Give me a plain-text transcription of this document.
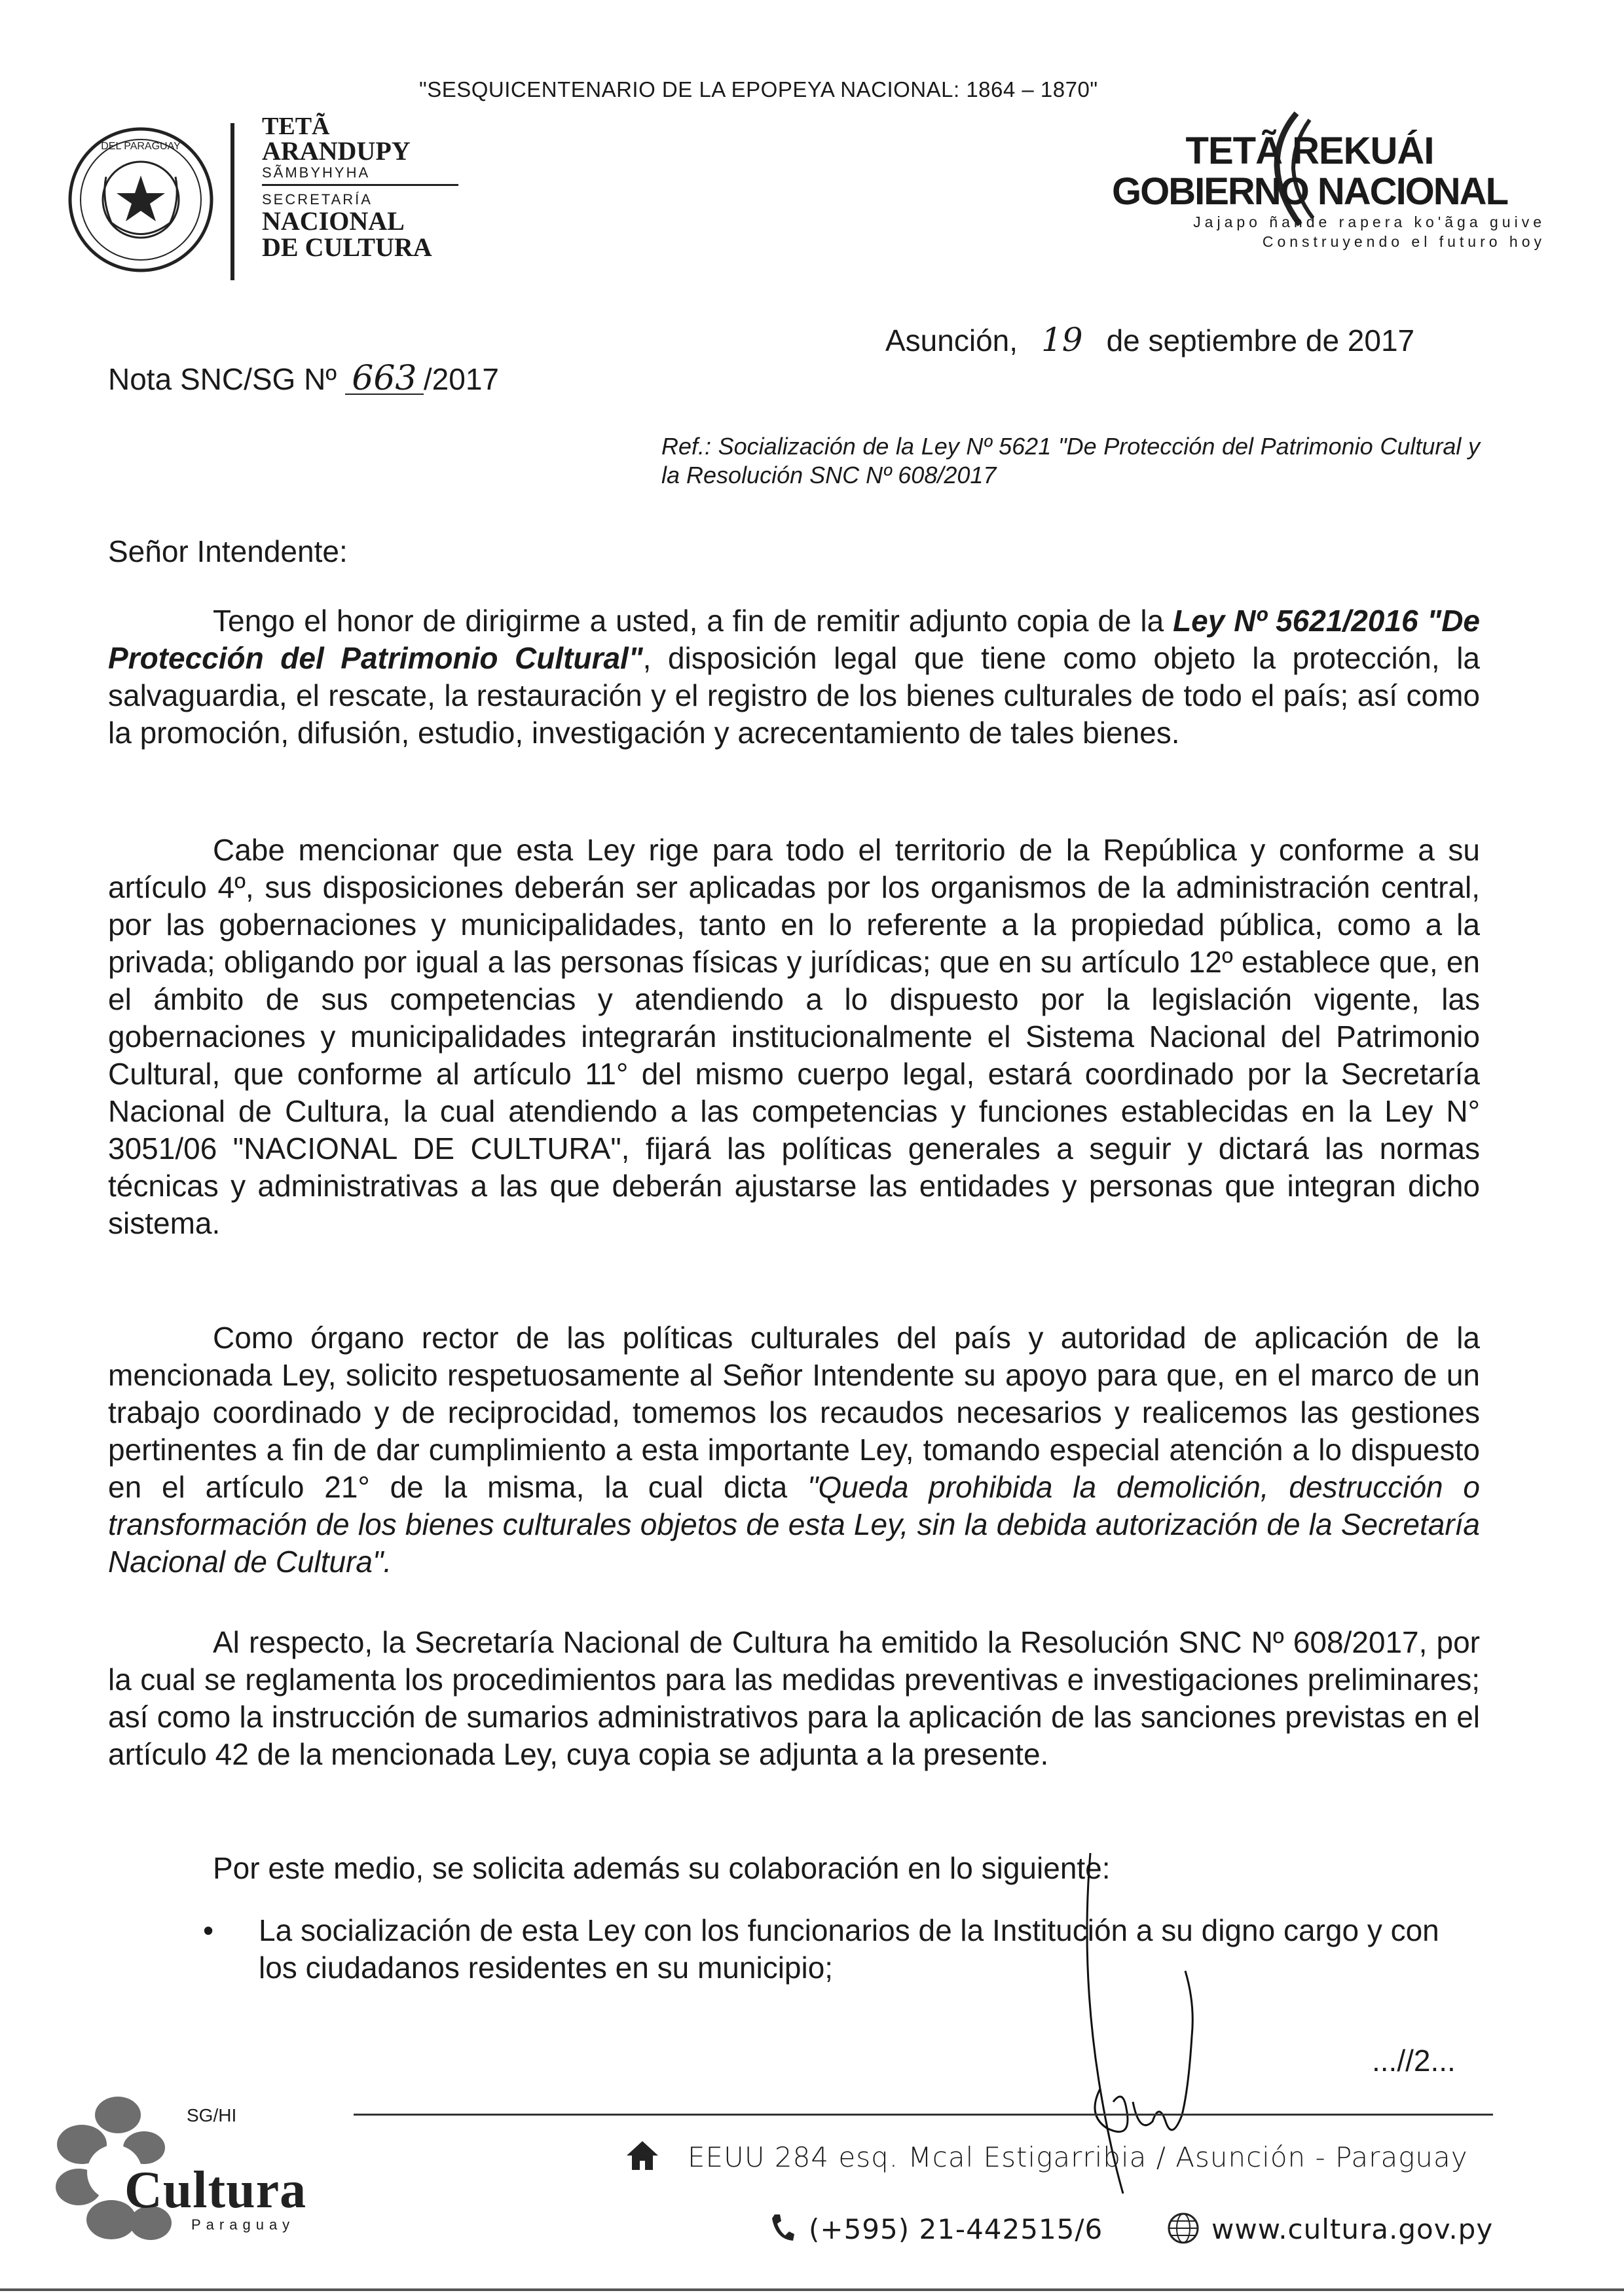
"SESQUICENTENARIO DE LA EPOPEYA NACIONAL: 1864 – 1870"
DEL PARAGUAY
TETÃ
ARANDUPY
SÃMBYHYHA
SECRETARÍA
NACIONAL
DE CULTURA
TETÃ REKUÁI
GOBIERNO NACIONAL
Jajapo ñande rapera ko'ãga guive
Construyendo el futuro hoy
Asunción, 19 de septiembre de 2017
Nota SNC/SG Nº 663 /2017
Ref.: Socialización de la Ley Nº 5621 "De Protección del Patrimonio Cultural y la Resolución SNC Nº 608/2017
Señor Intendente:
Tengo el honor de dirigirme a usted, a fin de remitir adjunto copia de la Ley Nº 5621/2016 "De Protección del Patrimonio Cultural", disposición legal que tiene como objeto la protección, la salvaguardia, el rescate, la restauración y el registro de los bienes culturales de todo el país; así como la promoción, difusión, estudio, investigación y acrecentamiento de tales bienes.
Cabe mencionar que esta Ley rige para todo el territorio de la República y conforme a su artículo 4º, sus disposiciones deberán ser aplicadas por los organismos de la administración central, por las gobernaciones y municipalidades, tanto en lo referente a la propiedad pública, como a la privada; obligando por igual a las personas físicas y jurídicas; que en su artículo 12º establece que, en el ámbito de sus competencias y atendiendo a lo dispuesto por la legislación vigente, las gobernaciones y municipalidades integrarán institucionalmente el Sistema Nacional del Patrimonio Cultural, que conforme al artículo 11° del mismo cuerpo legal, estará coordinado por la Secretaría Nacional de Cultura, la cual atendiendo a las competencias y funciones establecidas en la Ley N° 3051/06 "NACIONAL DE CULTURA", fijará las políticas generales a seguir y dictará las normas técnicas y administrativas a las que deberán ajustarse las entidades y personas que integran dicho sistema.
Como órgano rector de las políticas culturales del país y autoridad de aplicación de la mencionada Ley, solicito respetuosamente al Señor Intendente su apoyo para que, en el marco de un trabajo coordinado y de reciprocidad, tomemos los recaudos necesarios y realicemos las gestiones pertinentes a fin de dar cumplimiento a esta importante Ley, tomando especial atención a lo dispuesto en el artículo 21° de la misma, la cual dicta "Queda prohibida la demolición, destrucción o transformación de los bienes culturales objetos de esta Ley, sin la debida autorización de la Secretaría Nacional de Cultura".
Al respecto, la Secretaría Nacional de Cultura ha emitido la Resolución SNC Nº 608/2017, por la cual se reglamenta los procedimientos para las medidas preventivas e investigaciones preliminares; así como la instrucción de sumarios administrativos para la aplicación de las sanciones previstas en el artículo 42 de la mencionada Ley, cuya copia se adjunta a la presente.
Por este medio, se solicita además su colaboración en lo siguiente:
• La socialización de esta Ley con los funcionarios de la Institución a su digno cargo y con los ciudadanos residentes en su municipio;
...//2...
SG/HI
Cultura
Paraguay
EEUU 284 esq. Mcal Estigarribia / Asunción - Paraguay
(+595) 21-442515/6	www.cultura.gov.py
